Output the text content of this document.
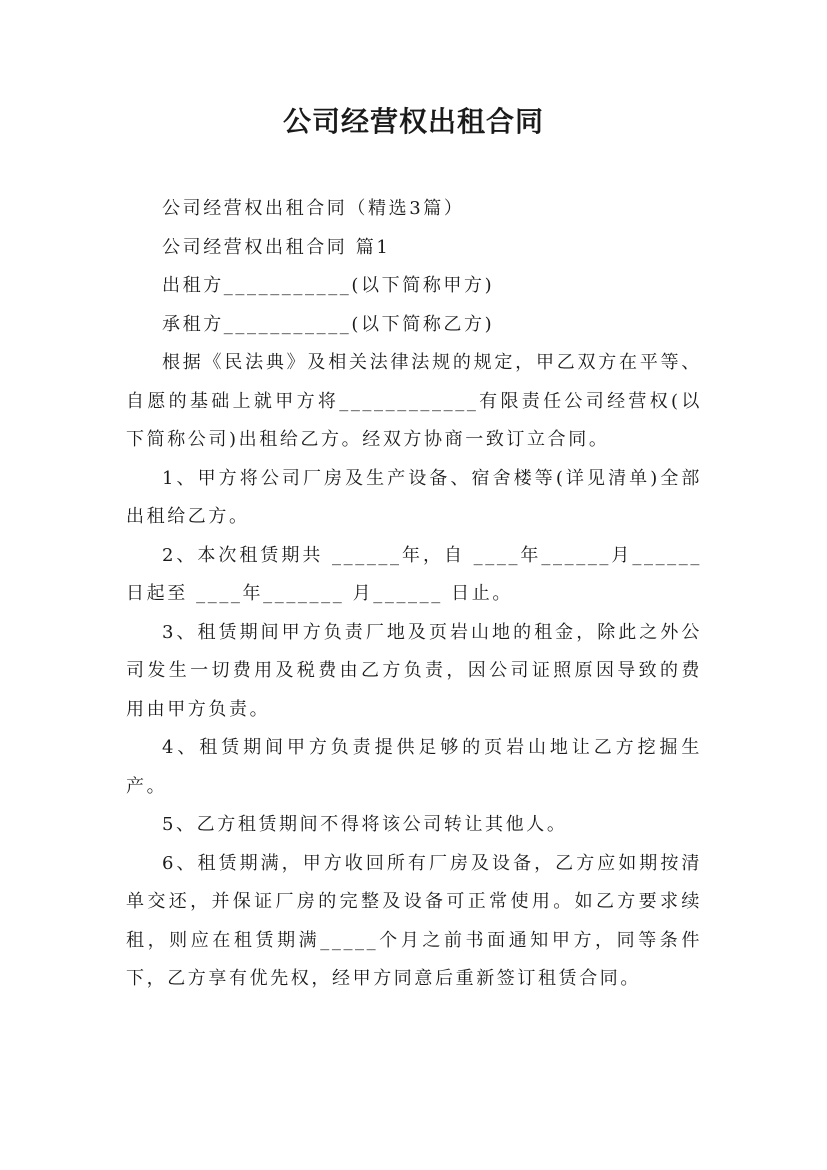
公司经营权出租合同

公司经营权出租合同（精选3篇）

公司经营权出租合同 篇1

出租方___________(以下简称甲方)

承租方___________(以下简称乙方)

根据《民法典》及相关法律法规的规定，甲乙双方在平等、自愿的基础上就甲方将____________有限责任公司经营权(以下简称公司)出租给乙方。经双方协商一致订立合同。

1、甲方将公司厂房及生产设备、宿舍楼等(详见清单)全部出租给乙方。

2、本次租赁期共 ______年，自 ____年______月______日起至 ____年_______ 月______ 日止。

3、租赁期间甲方负责厂地及页岩山地的租金，除此之外公司发生一切费用及税费由乙方负责，因公司证照原因导致的费用由甲方负责。

4、租赁期间甲方负责提供足够的页岩山地让乙方挖掘生产。

5、乙方租赁期间不得将该公司转让其他人。

6、租赁期满，甲方收回所有厂房及设备，乙方应如期按清单交还，并保证厂房的完整及设备可正常使用。如乙方要求续租，则应在租赁期满_____个月之前书面通知甲方，同等条件下，乙方享有优先权，经甲方同意后重新签订租赁合同。
